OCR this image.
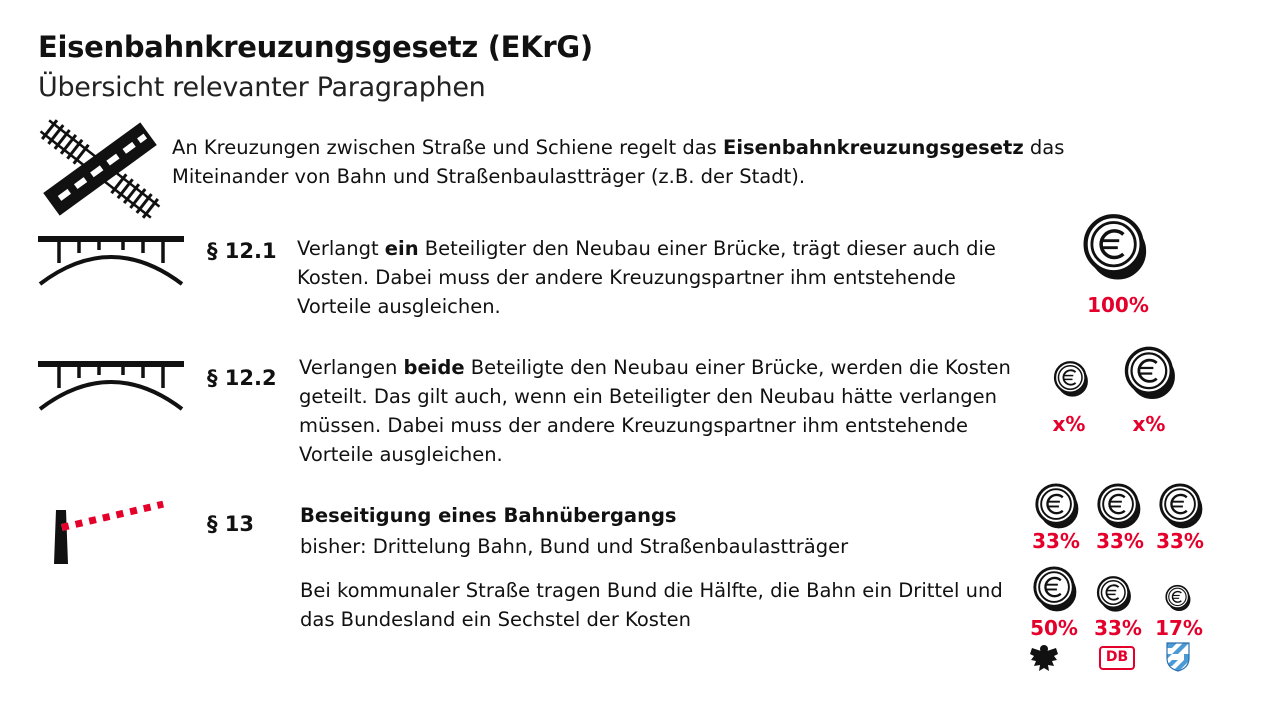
Eisenbahnkreuzungsgesetz (EKrG)
Übersicht relevanter Paragraphen
An Kreuzungen zwischen Straße und Schiene regelt das Eisenbahnkreuzungsgesetz das Miteinander von Bahn und Straßenbaulastträger (z.B. der Stadt).
§ 12.1 Verlangt ein Beteiligter den Neubau einer Brücke, trägt dieser auch die Kosten. Dabei muss der andere Kreuzungspartner ihm entstehende Vorteile ausgleichen.	100%
§ 12.2 Verlangen beide Beteiligte den Neubau einer Brücke, werden die Kosten geteilt. Das gilt auch, wenn ein Beteiligter den Neubau hätte verlangen müssen. Dabei muss der andere Kreuzungspartner ihm entstehende Vorteile ausgleichen.
x%	x%
§ 13 Beseitigung eines Bahnübergangs
bisher: Drittelung Bahn, Bund und Straßenbaulastträger
Bei kommunaler Straße tragen Bund die Hälfte, die Bahn ein Drittel und das Bundesland ein Sechstel der Kosten
33% 33% 33%
50% 33% 17%
DB
